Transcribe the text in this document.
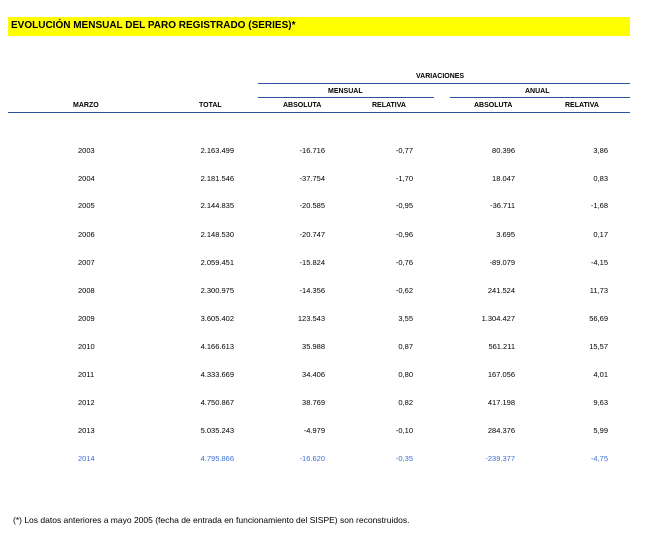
EVOLUCIÓN MENSUAL DEL PARO REGISTRADO (SERIES)*
VARIACIONES
MENSUAL	ANUAL
MARZO	TOTAL	ABSOLUTA	RELATIVA	ABSOLUTA	RELATIVA
2003	2.163.499	-16.716	-0,77	80.396	3,86
2004	2.181.546	-37.754	-1,70	18.047	0,83
2005	2.144.835	-20.585	-0,95	-36.711	-1,68
2006	2.148.530	-20.747	-0,96	3.695	0,17
2007	2.059.451	-15.824	-0,76	-89.079	-4,15
2008	2.300.975	-14.356	-0,62	241.524	11,73
2009	3.605.402	123.543	3,55	1.304.427	56,69
2010	4.166.613	35.988	0,87	561.211	15,57
2011	4.333.669	34.406	0,80	167.056	4,01
2012	4.750.867	38.769	0,82	417.198	9,63
2013	5.035.243	-4.979	-0,10	284.376	5,99
2014	4.795.866	-16.620	-0,35	-239.377	-4,75
(*) Los datos anteriores a mayo 2005 (fecha de entrada en funcionamiento del SISPE) son reconstruidos.
